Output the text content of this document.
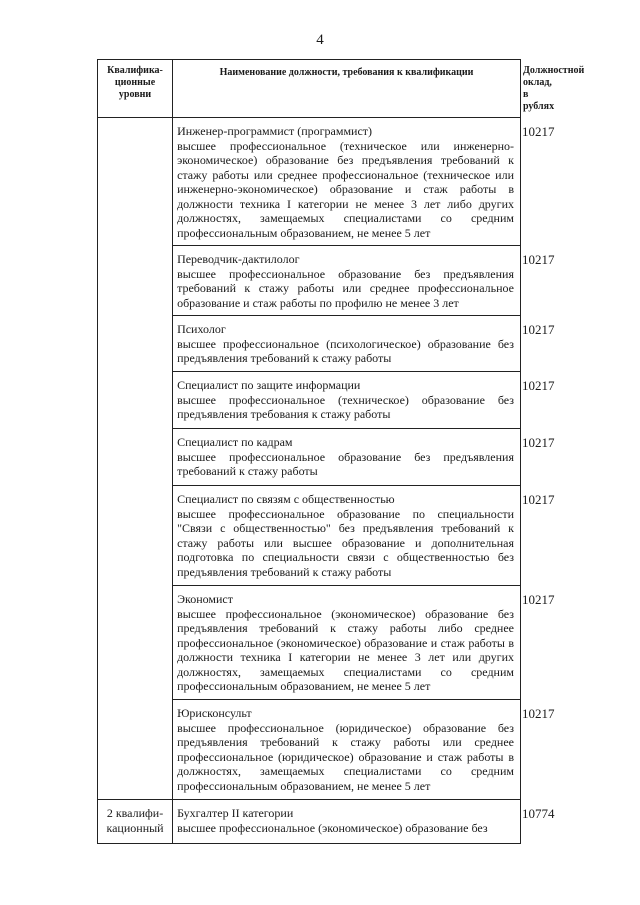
4
Квалифика-ционные уровни	Наименование должности, требования к квалификации	Должностной оклад, в рублях

	Инженер-программист (программист)
высшее профессиональное (техническое или инженерно-экономическое) образование без предъявления требований к стажу работы или среднее профессиональное (техническое или инженерно-экономическое) образование и стаж работы в должности техника I категории не менее 3 лет либо других должностях, замещаемых специалистами со средним профессиональным образованием, не менее 5 лет	10217

	Переводчик-дактилолог
высшее профессиональное образование без предъявления требований к стажу работы или среднее профессиональное образование и стаж работы по профилю не менее 3 лет	10217

	Психолог
высшее профессиональное (психологическое) образование без предъявления требований к стажу работы	10217

	Специалист по защите информации
высшее профессиональное (техническое) образование без предъявления требования к стажу работы	10217

	Специалист по кадрам
высшее профессиональное образование без предъявления требований к стажу работы	10217

	Специалист по связям с общественностью
высшее профессиональное образование по специальности "Связи с общественностью" без предъявления требований к стажу работы или высшее образование и дополнительная подготовка по специальности связи с общественностью без предъявления требований к стажу работы	10217

	Экономист
высшее профессиональное (экономическое) образование без предъявления требований к стажу работы либо среднее профессиональное (экономическое) образование и стаж работы в должности техника I категории не менее 3 лет или других должностях, замещаемых специалистами со средним профессиональным образованием, не менее 5 лет	10217

	Юрисконсульт
высшее профессиональное (юридическое) образование без предъявления требований к стажу работы или среднее профессиональное (юридическое) образование и стаж работы в должностях, замещаемых специалистами со средним профессиональным образованием, не менее 5 лет	10217
2 квалифи-кационный	Бухгалтер II категории
высшее профессиональное (экономическое) образование без	10774
